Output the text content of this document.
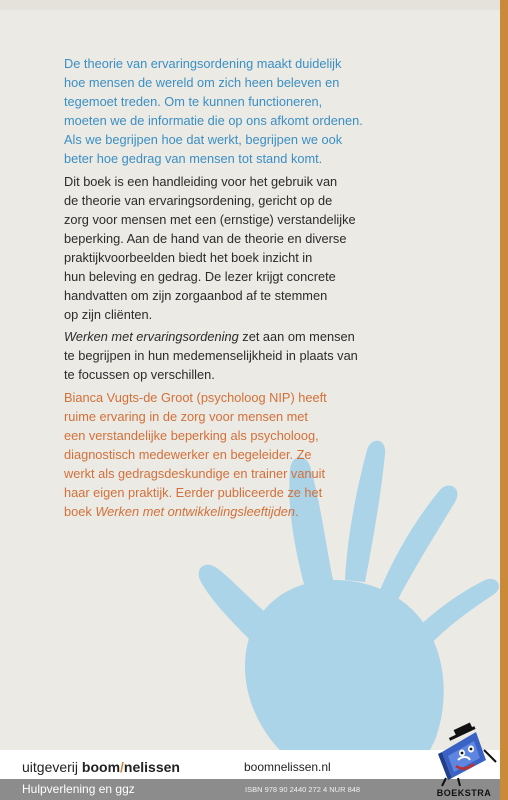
De theorie van ervaringsordening maakt duidelijk
hoe mensen de wereld om zich heen beleven en
tegemoet treden. Om te kunnen functioneren,
moeten we de informatie die op ons afkomt ordenen.
Als we begrijpen hoe dat werkt, begrijpen we ook
beter hoe gedrag van mensen tot stand komt.
Dit boek is een handleiding voor het gebruik van
de theorie van ervaringsordening, gericht op de
zorg voor mensen met een (ernstige) verstandelijke
beperking. Aan de hand van de theorie en diverse
praktijkvoorbeelden biedt het boek inzicht in
hun beleving en gedrag. De lezer krijgt concrete
handvatten om zijn zorgaanbod af te stemmen
op zijn cliënten.
Werken met ervaringsordening zet aan om mensen
te begrijpen in hun medemenselijkheid in plaats van
te focussen op verschillen.
Bianca Vugts-de Groot (psycholoog NIP) heeft
ruime ervaring in de zorg voor mensen met
een verstandelijke beperking als psycholoog,
diagnostisch medewerker en begeleider. Ze
werkt als gedragsdeskundige en trainer vanuit
haar eigen praktijk. Eerder publiceerde ze het
boek Werken met ontwikkelingsleeftijden.
uitgeverij boom/nelissen	boomnelissen.nl
Hulpverlening en ggz	ISBN 978 90 2440 272 4 NUR 848	BOEKSTRA
